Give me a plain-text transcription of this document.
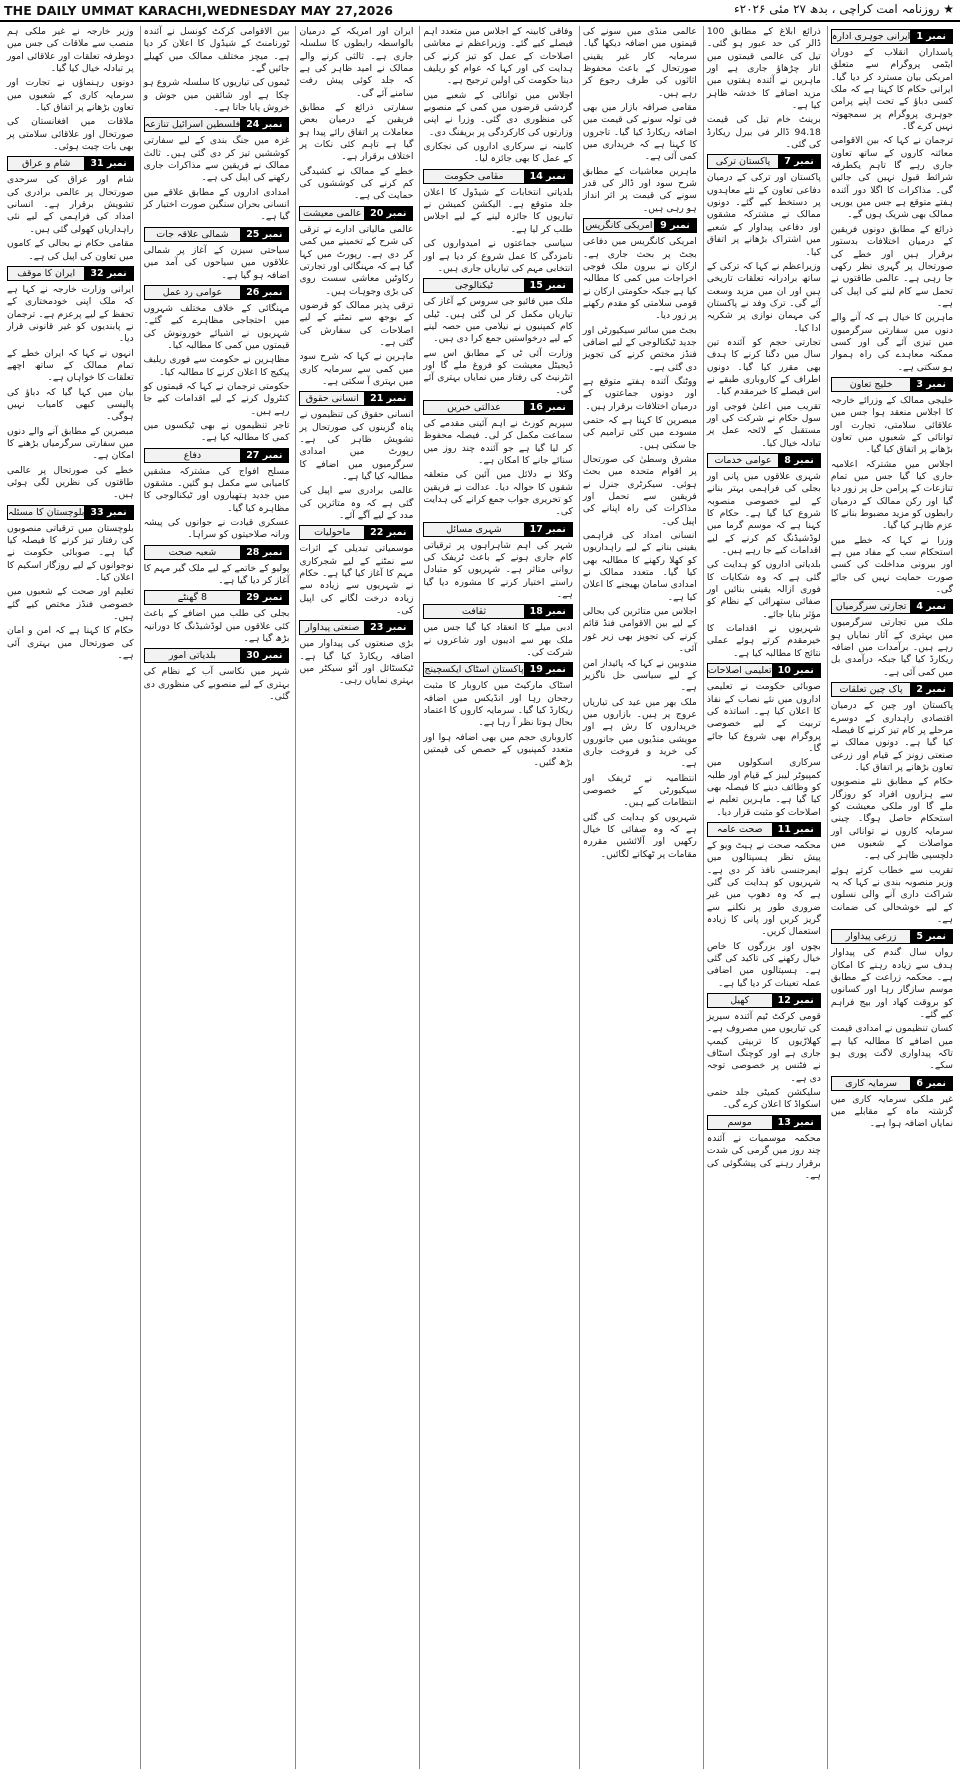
THE DAILY UMMAT KARACHI,WEDNESDAY MAY 27,2026	★ روزنامہ امت کراچی ، بدھ ۲۷ مئی ۲۰۲۶ء
نمبر 1
ایرانی جوہری ادارہ

پاسداران انقلاب کے دوران ایٹمی پروگرام سے متعلق امریکی بیان مسترد کر دیا گیا۔ ایرانی حکام کا کہنا ہے کہ ملک کسی دباؤ کے تحت اپنے پرامن جوہری پروگرام پر سمجھوتہ نہیں کرے گا۔

ترجمان نے کہا کہ بین الاقوامی معائنہ کاروں کے ساتھ تعاون جاری رہے گا تاہم یکطرفہ شرائط قبول نہیں کی جائیں گی۔ مذاکرات کا اگلا دور آئندہ ہفتے متوقع ہے جس میں یورپی ممالک بھی شریک ہوں گے۔

ذرائع کے مطابق دونوں فریقین کے درمیان اختلافات بدستور برقرار ہیں اور خطے کی صورتحال پر گہری نظر رکھی جا رہی ہے۔ عالمی طاقتوں نے تحمل سے کام لینے کی اپیل کی ہے۔

ماہرین کا خیال ہے کہ آنے والے دنوں میں سفارتی سرگرمیوں میں تیزی آئے گی اور کسی ممکنہ معاہدے کی راہ ہموار ہو سکتی ہے۔

نمبر 3
خلیج تعاون

خلیجی ممالک کے وزرائے خارجہ کا اجلاس منعقد ہوا جس میں علاقائی سلامتی، تجارت اور توانائی کے شعبوں میں تعاون بڑھانے پر اتفاق کیا گیا۔

اجلاس میں مشترکہ اعلامیہ جاری کیا گیا جس میں تمام تنازعات کے پرامن حل پر زور دیا گیا اور رکن ممالک کے درمیان رابطوں کو مزید مضبوط بنانے کا عزم ظاہر کیا گیا۔

وزرا نے کہا کہ خطے میں استحکام سب کے مفاد میں ہے اور بیرونی مداخلت کی کسی صورت حمایت نہیں کی جائے گی۔

نمبر 4
تجارتی سرگرمیاں

ملک میں تجارتی سرگرمیوں میں بہتری کے آثار نمایاں ہو رہے ہیں۔ برآمدات میں اضافہ ریکارڈ کیا گیا جبکہ درآمدی بل میں کمی آئی ہے۔

نمبر 2
پاک چین تعلقات

پاکستان اور چین کے درمیان اقتصادی راہداری کے دوسرے مرحلے پر کام تیز کرنے کا فیصلہ کیا گیا ہے۔ دونوں ممالک نے صنعتی زونز کے قیام اور زرعی تعاون بڑھانے پر اتفاق کیا۔

حکام کے مطابق نئے منصوبوں سے ہزاروں افراد کو روزگار ملے گا اور ملکی معیشت کو استحکام حاصل ہوگا۔ چینی سرمایہ کاروں نے توانائی اور مواصلات کے شعبوں میں دلچسپی ظاہر کی ہے۔

تقریب سے خطاب کرتے ہوئے وزیر منصوبہ بندی نے کہا کہ یہ شراکت داری آنے والی نسلوں کے لیے خوشحالی کی ضمانت ہے۔

نمبر 5
زرعی پیداوار

رواں سال گندم کی پیداوار ہدف سے زیادہ رہنے کا امکان ہے۔ محکمہ زراعت کے مطابق موسم سازگار رہا اور کسانوں کو بروقت کھاد اور بیج فراہم کیے گئے۔

کسان تنظیموں نے امدادی قیمت میں اضافے کا مطالبہ کیا ہے تاکہ پیداواری لاگت پوری ہو سکے۔

نمبر 6
سرمایہ کاری

غیر ملکی سرمایہ کاری میں گزشتہ ماہ کے مقابلے میں نمایاں اضافہ ہوا ہے۔

ذرائع ابلاغ کے مطابق 100 ڈالر کی حد عبور ہو گئی۔ تیل کی عالمی قیمتوں میں اتار چڑھاؤ جاری ہے اور ماہرین نے آئندہ ہفتوں میں مزید اضافے کا خدشہ ظاہر کیا ہے۔

برینٹ خام تیل کی قیمت 94.18 ڈالر فی بیرل ریکارڈ کی گئی۔

نمبر 7
پاکستان ترکی

پاکستان اور ترکی کے درمیان دفاعی تعاون کے نئے معاہدوں پر دستخط کیے گئے۔ دونوں ممالک نے مشترکہ مشقوں اور دفاعی پیداوار کے شعبے میں اشتراک بڑھانے پر اتفاق کیا۔

وزیراعظم نے کہا کہ ترکی کے ساتھ برادرانہ تعلقات تاریخی ہیں اور ان میں مزید وسعت آئے گی۔ ترک وفد نے پاکستان کی مہمان نوازی پر شکریہ ادا کیا۔

تجارتی حجم کو آئندہ تین سال میں دگنا کرنے کا ہدف بھی مقرر کیا گیا۔ دونوں اطراف کے کاروباری طبقے نے اس فیصلے کا خیرمقدم کیا۔

تقریب میں اعلیٰ فوجی اور سول حکام نے شرکت کی اور مستقبل کے لائحہ عمل پر تبادلہ خیال کیا۔

نمبر 8
عوامی خدمات

شہری علاقوں میں پانی اور بجلی کی فراہمی بہتر بنانے کے لیے خصوصی منصوبہ شروع کیا گیا ہے۔ حکام کا کہنا ہے کہ موسم گرما میں لوڈشیڈنگ کم کرنے کے لیے اقدامات کیے جا رہے ہیں۔

بلدیاتی اداروں کو ہدایت کی گئی ہے کہ وہ شکایات کا فوری ازالہ یقینی بنائیں اور صفائی ستھرائی کے نظام کو مؤثر بنایا جائے۔

شہریوں نے اقدامات کا خیرمقدم کرتے ہوئے عملی نتائج کا مطالبہ کیا ہے۔

نمبر 10
تعلیمی اصلاحات

صوبائی حکومت نے تعلیمی اداروں میں نئے نصاب کے نفاذ کا اعلان کیا ہے۔ اساتذہ کی تربیت کے لیے خصوصی پروگرام بھی شروع کیا جائے گا۔

سرکاری اسکولوں میں کمپیوٹر لیبز کے قیام اور طلبہ کو وظائف دینے کا فیصلہ بھی کیا گیا ہے۔ ماہرین تعلیم نے اصلاحات کو مثبت قرار دیا۔

نمبر 11
صحت عامہ

محکمہ صحت نے ہیٹ ویو کے پیش نظر ہسپتالوں میں ایمرجنسی نافذ کر دی ہے۔ شہریوں کو ہدایت کی گئی ہے کہ وہ دھوپ میں غیر ضروری طور پر نکلنے سے گریز کریں اور پانی کا زیادہ استعمال کریں۔

بچوں اور بزرگوں کا خاص خیال رکھنے کی تاکید کی گئی ہے۔ ہسپتالوں میں اضافی عملہ تعینات کر دیا گیا ہے۔

نمبر 12
کھیل

قومی کرکٹ ٹیم آئندہ سیریز کی تیاریوں میں مصروف ہے۔ کھلاڑیوں کا تربیتی کیمپ جاری ہے اور کوچنگ اسٹاف نے فٹنس پر خصوصی توجہ دی ہے۔

سلیکشن کمیٹی جلد حتمی اسکواڈ کا اعلان کرے گی۔

نمبر 13
موسم

محکمہ موسمیات نے آئندہ چند روز میں گرمی کی شدت برقرار رہنے کی پیشگوئی کی ہے۔

عالمی منڈی میں سونے کی قیمتوں میں اضافہ دیکھا گیا۔ سرمایہ کار غیر یقینی صورتحال کے باعث محفوظ اثاثوں کی طرف رجوع کر رہے ہیں۔

مقامی صرافہ بازار میں بھی فی تولہ سونے کی قیمت میں اضافہ ریکارڈ کیا گیا۔ تاجروں کا کہنا ہے کہ خریداری میں کمی آئی ہے۔

ماہرین معاشیات کے مطابق شرح سود اور ڈالر کی قدر سونے کی قیمت پر اثر انداز ہو رہی ہیں۔

نمبر 9
امریکی کانگریس

امریکی کانگریس میں دفاعی بجٹ پر بحث جاری ہے۔ ارکان نے بیرون ملک فوجی اخراجات میں کمی کا مطالبہ کیا ہے جبکہ حکومتی ارکان نے قومی سلامتی کو مقدم رکھنے پر زور دیا۔

بجٹ میں سائبر سیکیورٹی اور جدید ٹیکنالوجی کے لیے اضافی فنڈز مختص کرنے کی تجویز دی گئی ہے۔

ووٹنگ آئندہ ہفتے متوقع ہے اور دونوں جماعتوں کے درمیان اختلافات برقرار ہیں۔

مبصرین کا کہنا ہے کہ حتمی مسودے میں کئی ترامیم کی جا سکتی ہیں۔

مشرق وسطیٰ کی صورتحال پر اقوام متحدہ میں بحث ہوئی۔ سیکرٹری جنرل نے فریقین سے تحمل اور مذاکرات کی راہ اپنانے کی اپیل کی۔

انسانی امداد کی فراہمی یقینی بنانے کے لیے راہداریوں کو کھلا رکھنے کا مطالبہ بھی کیا گیا۔ متعدد ممالک نے امدادی سامان بھیجنے کا اعلان کیا ہے۔

اجلاس میں متاثرین کی بحالی کے لیے بین الاقوامی فنڈ قائم کرنے کی تجویز بھی زیر غور آئی۔

مندوبین نے کہا کہ پائیدار امن کے لیے سیاسی حل ناگزیر ہے۔

ملک بھر میں عید کی تیاریاں عروج پر ہیں۔ بازاروں میں خریداروں کا رش ہے اور مویشی منڈیوں میں جانوروں کی خرید و فروخت جاری ہے۔

انتظامیہ نے ٹریفک اور سیکیورٹی کے خصوصی انتظامات کیے ہیں۔

شہریوں کو ہدایت کی گئی ہے کہ وہ صفائی کا خیال رکھیں اور آلائشیں مقررہ مقامات پر ٹھکانے لگائیں۔

وفاقی کابینہ کے اجلاس میں متعدد اہم فیصلے کیے گئے۔ وزیراعظم نے معاشی اصلاحات کے عمل کو تیز کرنے کی ہدایت کی اور کہا کہ عوام کو ریلیف دینا حکومت کی اولین ترجیح ہے۔

اجلاس میں توانائی کے شعبے میں گردشی قرضوں میں کمی کے منصوبے کی منظوری دی گئی۔ وزرا نے اپنی وزارتوں کی کارکردگی پر بریفنگ دی۔

کابینہ نے سرکاری اداروں کی نجکاری کے عمل کا بھی جائزہ لیا۔

نمبر 14
مقامی حکومت

بلدیاتی انتخابات کے شیڈول کا اعلان جلد متوقع ہے۔ الیکشن کمیشن نے تیاریوں کا جائزہ لینے کے لیے اجلاس طلب کر لیا ہے۔

سیاسی جماعتوں نے امیدواروں کی نامزدگی کا عمل شروع کر دیا ہے اور انتخابی مہم کی تیاریاں جاری ہیں۔

نمبر 15
ٹیکنالوجی

ملک میں فائیو جی سروس کے آغاز کی تیاریاں مکمل کر لی گئی ہیں۔ ٹیلی کام کمپنیوں نے نیلامی میں حصہ لینے کے لیے درخواستیں جمع کرا دی ہیں۔

وزارت آئی ٹی کے مطابق اس سے ڈیجیٹل معیشت کو فروغ ملے گا اور انٹرنیٹ کی رفتار میں نمایاں بہتری آئے گی۔

نمبر 16
عدالتی خبریں

سپریم کورٹ نے اہم آئینی مقدمے کی سماعت مکمل کر لی۔ فیصلہ محفوظ کر لیا گیا ہے جو آئندہ چند روز میں سنائے جانے کا امکان ہے۔

وکلا نے دلائل میں آئین کی متعلقہ شقوں کا حوالہ دیا۔ عدالت نے فریقین کو تحریری جواب جمع کرانے کی ہدایت کی۔

نمبر 17
شہری مسائل

شہر کی اہم شاہراہوں پر ترقیاتی کام جاری ہونے کے باعث ٹریفک کی روانی متاثر ہے۔ شہریوں کو متبادل راستے اختیار کرنے کا مشورہ دیا گیا ہے۔

نمبر 18
ثقافت

ادبی میلے کا انعقاد کیا گیا جس میں ملک بھر سے ادیبوں اور شاعروں نے شرکت کی۔

نمبر 19
پاکستان اسٹاک ایکسچینج

اسٹاک مارکیٹ میں کاروبار کا مثبت رجحان رہا اور انڈیکس میں اضافہ ریکارڈ کیا گیا۔ سرمایہ کاروں کا اعتماد بحال ہوتا نظر آ رہا ہے۔

کاروباری حجم میں بھی اضافہ ہوا اور متعدد کمپنیوں کے حصص کی قیمتیں بڑھ گئیں۔

ایران اور امریکہ کے درمیان بالواسطہ رابطوں کا سلسلہ جاری ہے۔ ثالثی کرنے والے ممالک نے امید ظاہر کی ہے کہ جلد کوئی پیش رفت سامنے آئے گی۔

سفارتی ذرائع کے مطابق فریقین کے درمیان بعض معاملات پر اتفاق رائے پیدا ہو گیا ہے تاہم کئی نکات پر اختلاف برقرار ہے۔

خطے کے ممالک نے کشیدگی کم کرنے کی کوششوں کی حمایت کی ہے۔

نمبر 20
عالمی معیشت

عالمی مالیاتی ادارے نے ترقی کی شرح کے تخمینے میں کمی کر دی ہے۔ رپورٹ میں کہا گیا ہے کہ مہنگائی اور تجارتی رکاوٹیں معاشی سست روی کی بڑی وجوہات ہیں۔

ترقی پذیر ممالک کو قرضوں کے بوجھ سے نمٹنے کے لیے اصلاحات کی سفارش کی گئی ہے۔

ماہرین نے کہا کہ شرح سود میں کمی سے سرمایہ کاری میں بہتری آ سکتی ہے۔

نمبر 21
انسانی حقوق

انسانی حقوق کی تنظیموں نے پناہ گزینوں کی صورتحال پر تشویش ظاہر کی ہے۔ رپورٹ میں امدادی سرگرمیوں میں اضافے کا مطالبہ کیا گیا ہے۔

عالمی برادری سے اپیل کی گئی ہے کہ وہ متاثرین کی مدد کے لیے آگے آئے۔

نمبر 22
ماحولیات

موسمیاتی تبدیلی کے اثرات سے نمٹنے کے لیے شجرکاری مہم کا آغاز کیا گیا ہے۔ حکام نے شہریوں سے زیادہ سے زیادہ درخت لگانے کی اپیل کی۔

نمبر 23
صنعتی پیداوار

بڑی صنعتوں کی پیداوار میں اضافہ ریکارڈ کیا گیا ہے۔ ٹیکسٹائل اور آٹو سیکٹر میں بہتری نمایاں رہی۔

بین الاقوامی کرکٹ کونسل نے آئندہ ٹورنامنٹ کے شیڈول کا اعلان کر دیا ہے۔ میچز مختلف ممالک میں کھیلے جائیں گے۔

ٹیموں کی تیاریوں کا سلسلہ شروع ہو چکا ہے اور شائقین میں جوش و خروش پایا جاتا ہے۔

نمبر 24
فلسطین اسرائیل تنازعہ

غزہ میں جنگ بندی کے لیے سفارتی کوششیں تیز کر دی گئی ہیں۔ ثالث ممالک نے فریقین سے مذاکرات جاری رکھنے کی اپیل کی ہے۔

امدادی اداروں کے مطابق علاقے میں انسانی بحران سنگین صورت اختیار کر گیا ہے۔

نمبر 25
شمالی علاقہ جات

سیاحتی سیزن کے آغاز پر شمالی علاقوں میں سیاحوں کی آمد میں اضافہ ہو گیا ہے۔

نمبر 26
عوامی رد عمل

مہنگائی کے خلاف مختلف شہروں میں احتجاجی مظاہرے کیے گئے۔ شہریوں نے اشیائے خورونوش کی قیمتوں میں کمی کا مطالبہ کیا۔

مظاہرین نے حکومت سے فوری ریلیف پیکیج کا اعلان کرنے کا مطالبہ کیا۔

حکومتی ترجمان نے کہا کہ قیمتوں کو کنٹرول کرنے کے لیے اقدامات کیے جا رہے ہیں۔

تاجر تنظیموں نے بھی ٹیکسوں میں کمی کا مطالبہ کیا ہے۔

نمبر 27
دفاع

مسلح افواج کی مشترکہ مشقیں کامیابی سے مکمل ہو گئیں۔ مشقوں میں جدید ہتھیاروں اور ٹیکنالوجی کا مظاہرہ کیا گیا۔

عسکری قیادت نے جوانوں کی پیشہ ورانہ صلاحیتوں کو سراہا۔

نمبر 28
شعبہ صحت

پولیو کے خاتمے کے لیے ملک گیر مہم کا آغاز کر دیا گیا ہے۔

نمبر 29
8 گھنٹے

بجلی کی طلب میں اضافے کے باعث کئی علاقوں میں لوڈشیڈنگ کا دورانیہ بڑھ گیا ہے۔

نمبر 30
بلدیاتی امور

شہر میں نکاسی آب کے نظام کی بہتری کے لیے منصوبے کی منظوری دی گئی۔

وزیر خارجہ نے غیر ملکی ہم منصب سے ملاقات کی جس میں دوطرفہ تعلقات اور علاقائی امور پر تبادلہ خیال کیا گیا۔

دونوں رہنماؤں نے تجارت اور سرمایہ کاری کے شعبوں میں تعاون بڑھانے پر اتفاق کیا۔

ملاقات میں افغانستان کی صورتحال اور علاقائی سلامتی پر بھی بات چیت ہوئی۔

نمبر 31
شام و عراق

شام اور عراق کی سرحدی صورتحال پر عالمی برادری کی تشویش برقرار ہے۔ انسانی امداد کی فراہمی کے لیے نئی راہداریاں کھولی گئی ہیں۔

مقامی حکام نے بحالی کے کاموں میں تعاون کی اپیل کی ہے۔

نمبر 32
ایران کا موقف

ایرانی وزارت خارجہ نے کہا ہے کہ ملک اپنی خودمختاری کے تحفظ کے لیے پرعزم ہے۔ ترجمان نے پابندیوں کو غیر قانونی قرار دیا۔

انہوں نے کہا کہ ایران خطے کے تمام ممالک کے ساتھ اچھے تعلقات کا خواہاں ہے۔

بیان میں کہا گیا کہ دباؤ کی پالیسی کبھی کامیاب نہیں ہوگی۔

مبصرین کے مطابق آنے والے دنوں میں سفارتی سرگرمیاں بڑھنے کا امکان ہے۔

خطے کی صورتحال پر عالمی طاقتوں کی نظریں لگی ہوئی ہیں۔

نمبر 33
بلوچستان کا مسئلہ

بلوچستان میں ترقیاتی منصوبوں کی رفتار تیز کرنے کا فیصلہ کیا گیا ہے۔ صوبائی حکومت نے نوجوانوں کے لیے روزگار اسکیم کا اعلان کیا۔

تعلیم اور صحت کے شعبوں میں خصوصی فنڈز مختص کیے گئے ہیں۔

حکام کا کہنا ہے کہ امن و امان کی صورتحال میں بہتری آئی ہے۔
